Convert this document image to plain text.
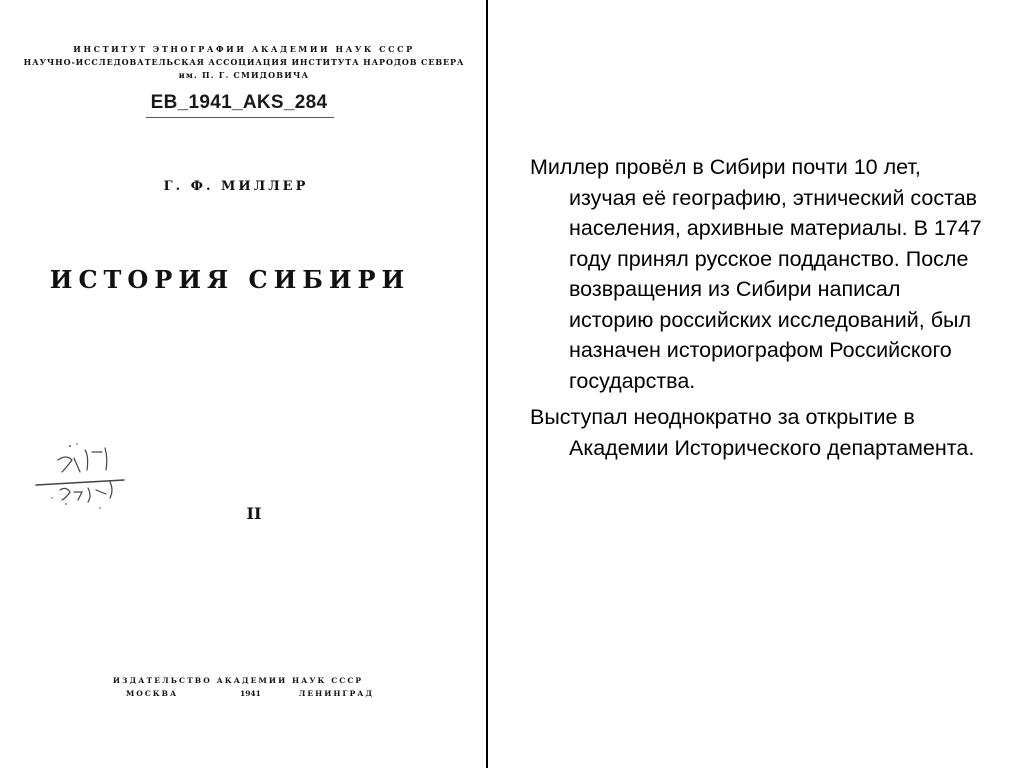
ИНСТИТУТ ЭТНОГРАФИИ АКАДЕМИИ НАУК СССР
НАУЧНО-ИССЛЕДОВАТЕЛЬСКАЯ АССОЦИАЦИЯ ИНСТИТУТА НАРОДОВ СЕВЕРА
им. П. Г. СМИДОВИЧА
EB_1941_AKS_284
Г. Ф. МИЛЛЕР
ИСТОРИЯ СИБИРИ
II
ИЗДАТЕЛЬСТВО АКАДЕМИИ НАУК СССР
МОСКВА	1941	ЛЕНИНГРАД

Миллер провёл в Сибири почти 10 лет, изучая её географию, этнический состав населения, архивные материалы. В 1747 году принял русское подданство. После возвращения из Сибири написал историю российских исследований, был назначен историографом Российского государства.

Выступал неоднократно за открытие в Академии Исторического департамента.
